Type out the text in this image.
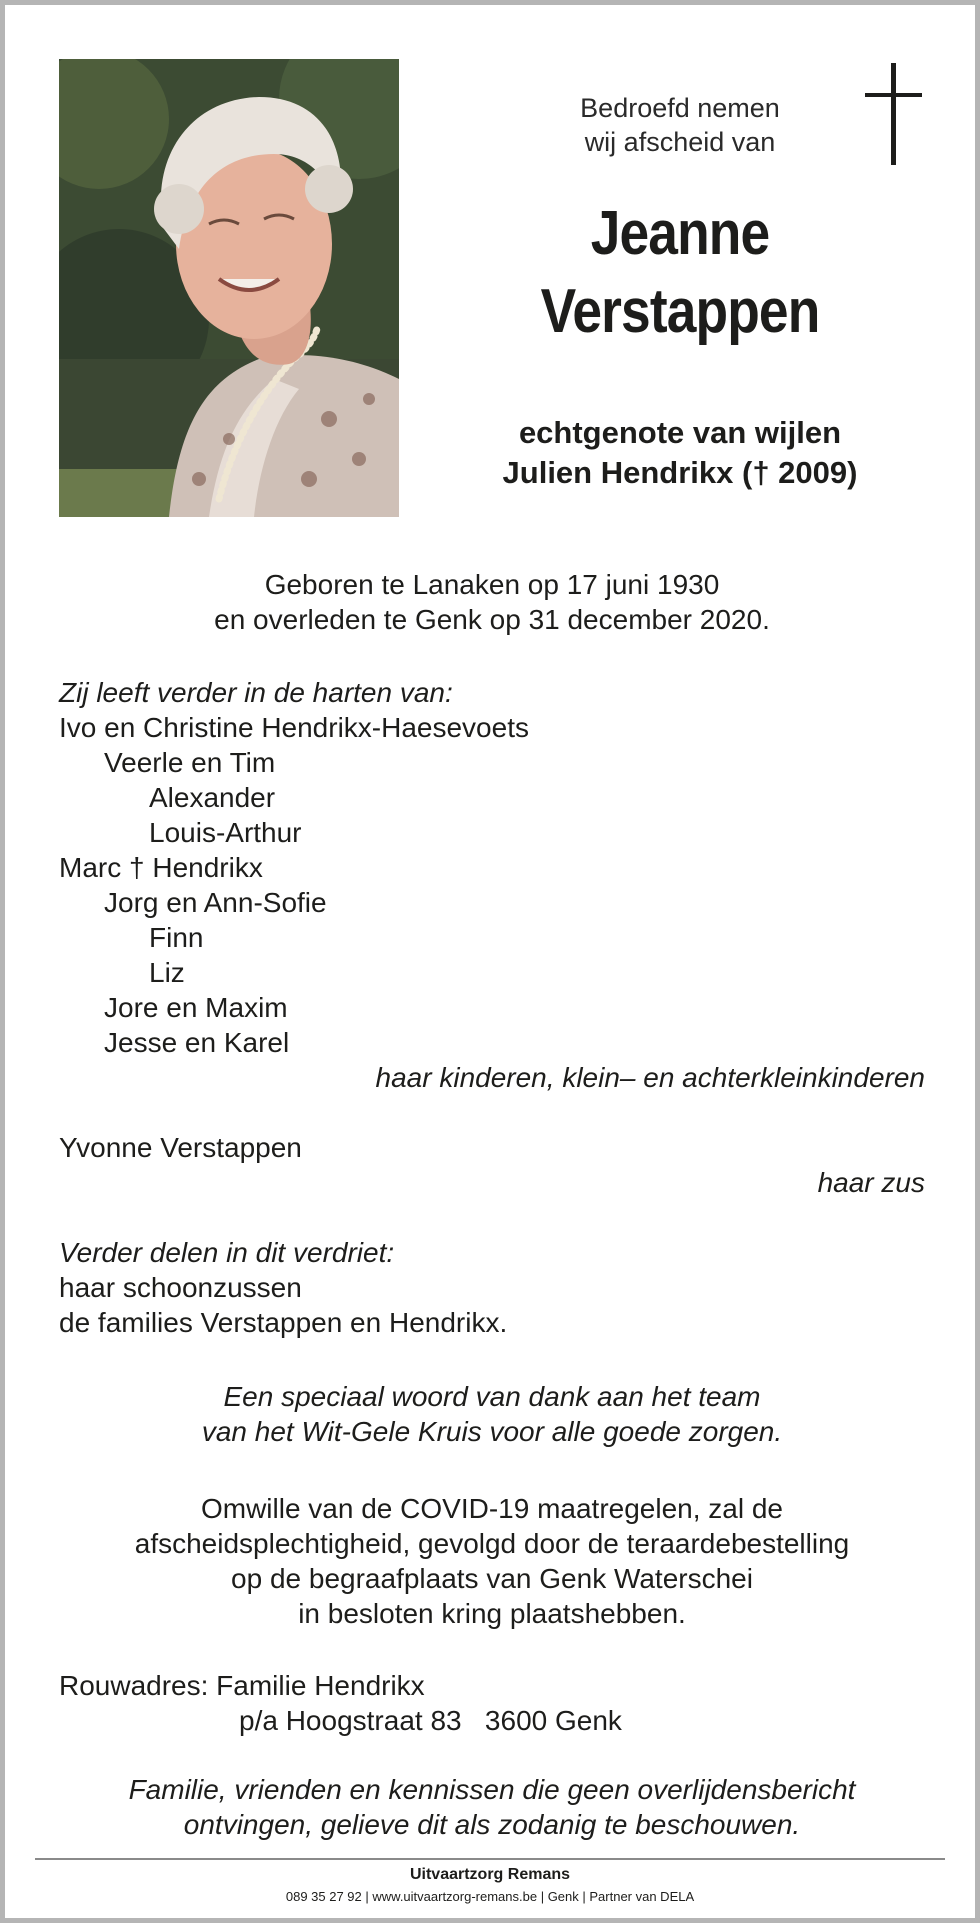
Bedroefd nemen
wij afscheid van
Jeanne
Verstappen
echtgenote van wijlen
Julien Hendrikx († 2009)
Geboren te Lanaken op 17 juni 1930
en overleden te Genk op 31 december 2020.
Zij leeft verder in de harten van:
Ivo en Christine Hendrikx-Haesevoets
Veerle en Tim
Alexander
Louis-Arthur
Marc † Hendrikx
Jorg en Ann-Sofie
Finn
Liz
Jore en Maxim
Jesse en Karel
haar kinderen, klein– en achterkleinkinderen
Yvonne Verstappen
haar zus
Verder delen in dit verdriet:
haar schoonzussen
de families Verstappen en Hendrikx.
Een speciaal woord van dank aan het team
van het Wit-Gele Kruis voor alle goede zorgen.
Omwille van de COVID-19 maatregelen, zal de
afscheidsplechtigheid, gevolgd door de teraardebestelling
op de begraafplaats van Genk Waterschei
in besloten kring plaatshebben.
Rouwadres: Familie Hendrikx
p/a Hoogstraat 83   3600 Genk
Familie, vrienden en kennissen die geen overlijdensbericht
ontvingen, gelieve dit als zodanig te beschouwen.
Uitvaartzorg Remans
089 35 27 92 | www.uitvaartzorg-remans.be | Genk | Partner van DELA
